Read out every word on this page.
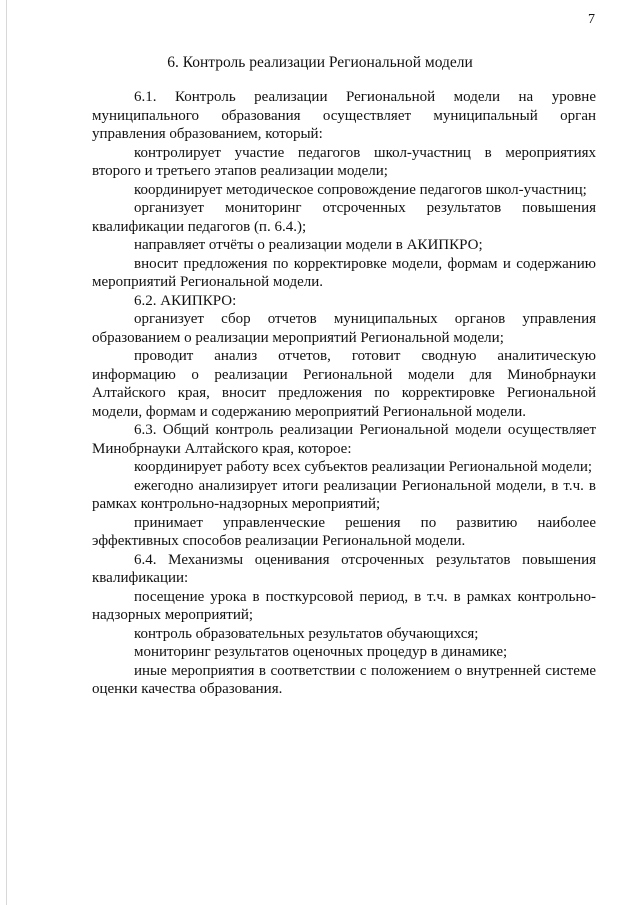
7
6. Контроль реализации Региональной модели

6.1. Контроль реализации Региональной модели на уровне муниципального образования осуществляет муниципальный орган управления образованием, который:

контролирует участие педагогов школ-участниц в мероприятиях второго и третьего этапов реализации модели;

координирует методическое сопровождение педагогов школ-участниц;

организует мониторинг отсроченных результатов повышения квалификации педагогов (п. 6.4.);

направляет отчёты о реализации модели в АКИПКРО;

вносит предложения по корректировке модели, формам и содержанию мероприятий Региональной модели.

6.2. АКИПКРО:

организует сбор отчетов муниципальных органов управления образованием о реализации мероприятий Региональной модели;

проводит анализ отчетов, готовит сводную аналитическую информацию о реализации Региональной модели для Минобрнауки Алтайского края, вносит предложения по корректировке Региональной модели, формам и содержанию мероприятий Региональной модели.

6.3. Общий контроль реализации Региональной модели осуществляет Минобрнауки Алтайского края, которое:

координирует работу всех субъектов реализации Региональной модели;

ежегодно анализирует итоги реализации Региональной модели, в т.ч. в рамках контрольно-надзорных мероприятий;

принимает управленческие решения по развитию наиболее эффективных способов реализации Региональной модели.

6.4. Механизмы оценивания отсроченных результатов повышения квалификации:

посещение урока в посткурсовой период, в т.ч. в рамках контрольно-надзорных мероприятий;

контроль образовательных результатов обучающихся;

мониторинг результатов оценочных процедур в динамике;

иные мероприятия в соответствии с положением о внутренней системе оценки качества образования.
